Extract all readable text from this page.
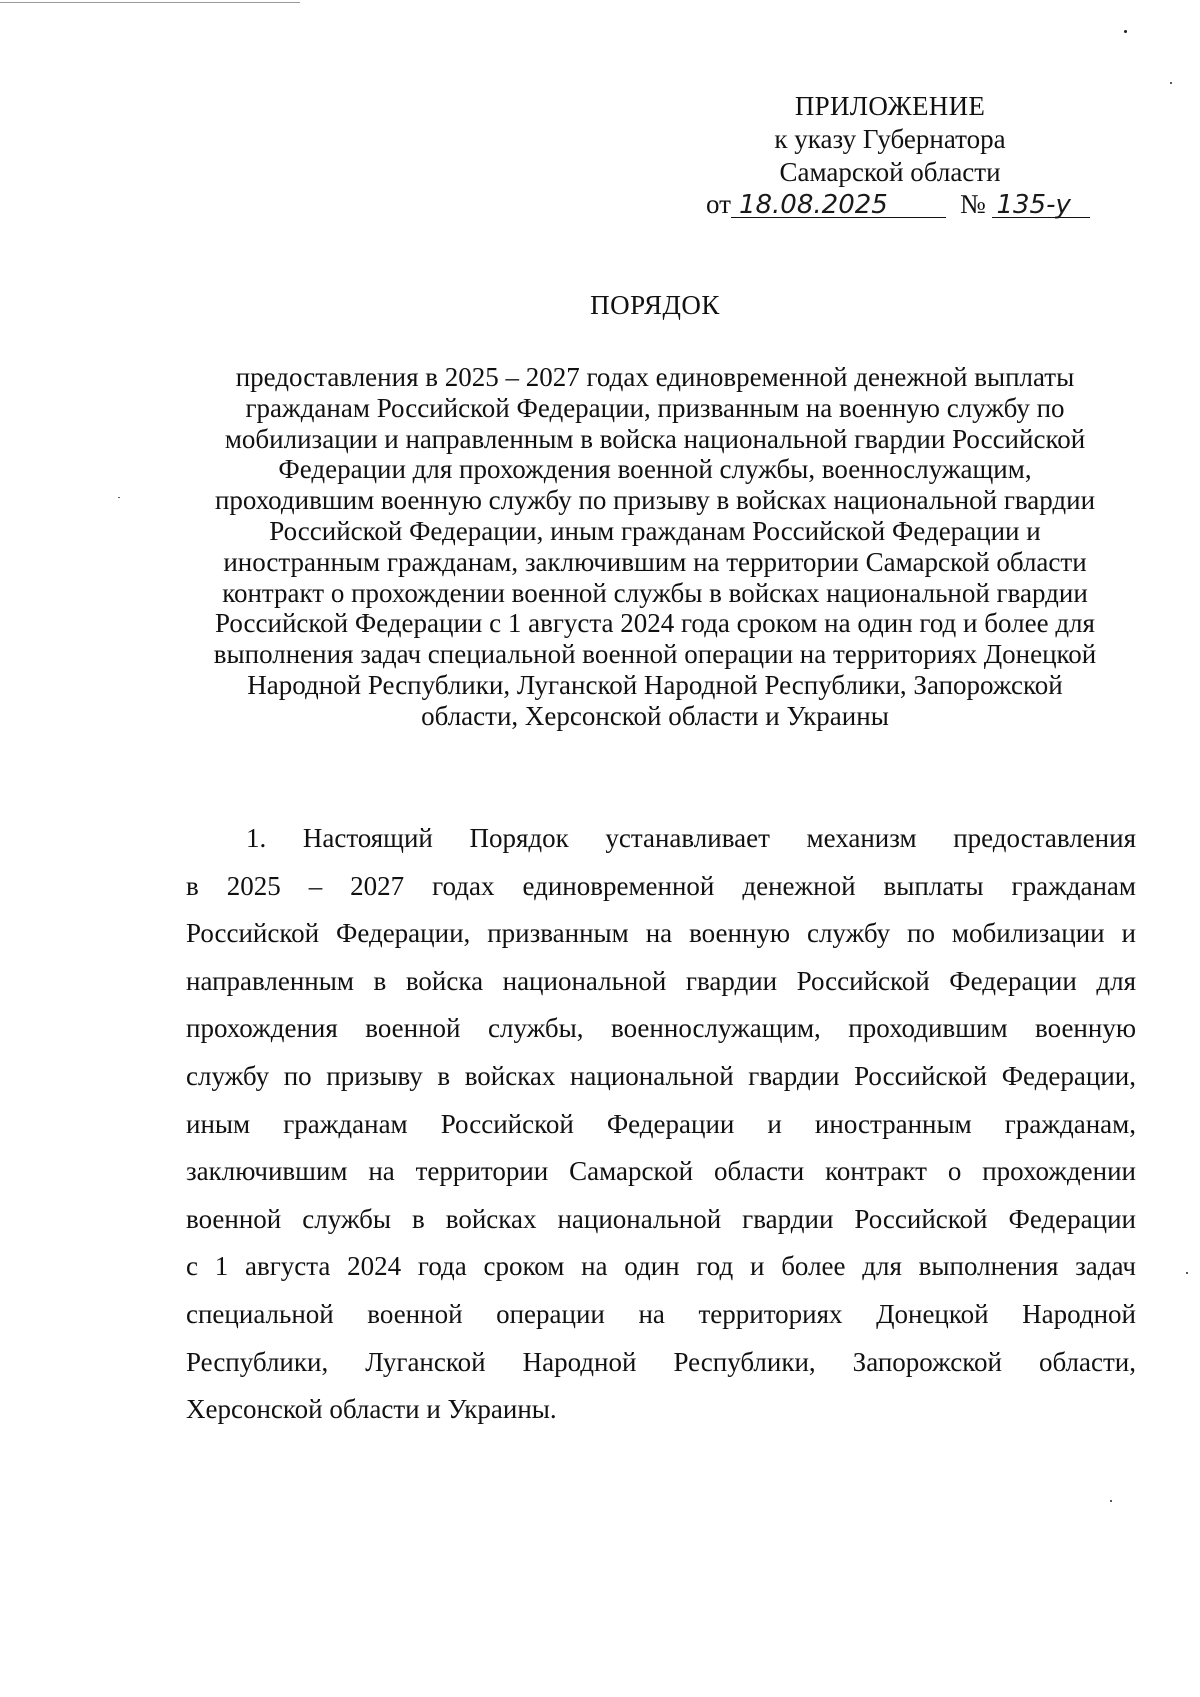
ПРИЛОЖЕНИЕ
к указу Губернатора
Самарской области
от 18.08.2025	№ 135-у
ПОРЯДОК
предоставления в 2025 – 2027 годах единовременной денежной выплаты
гражданам Российской Федерации, призванным на военную службу по
мобилизации и направленным в войска национальной гвардии Российской
Федерации для прохождения военной службы, военнослужащим,
проходившим военную службу по призыву в войсках национальной гвардии
Российской Федерации, иным гражданам Российской Федерации и
иностранным гражданам, заключившим на территории Самарской области
контракт о прохождении военной службы в войсках национальной гвардии
Российской Федерации с 1 августа 2024 года сроком на один год и более для
выполнения задач специальной военной операции на территориях Донецкой
Народной Республики, Луганской Народной Республики, Запорожской
области, Херсонской области и Украины
1. Настоящий Порядок устанавливает механизм предоставления
в 2025 – 2027 годах единовременной денежной выплаты гражданам
Российской Федерации, призванным на военную службу по мобилизации и
направленным в войска национальной гвардии Российской Федерации для
прохождения военной службы, военнослужащим, проходившим военную
службу по призыву в войсках национальной гвардии Российской Федерации,
иным гражданам Российской Федерации и иностранным гражданам,
заключившим на территории Самарской области контракт о прохождении
военной службы в войсках национальной гвардии Российской Федерации
с 1 августа 2024 года сроком на один год и более для выполнения задач
специальной военной операции на территориях Донецкой Народной
Республики, Луганской Народной Республики, Запорожской области,
Херсонской области и Украины.
